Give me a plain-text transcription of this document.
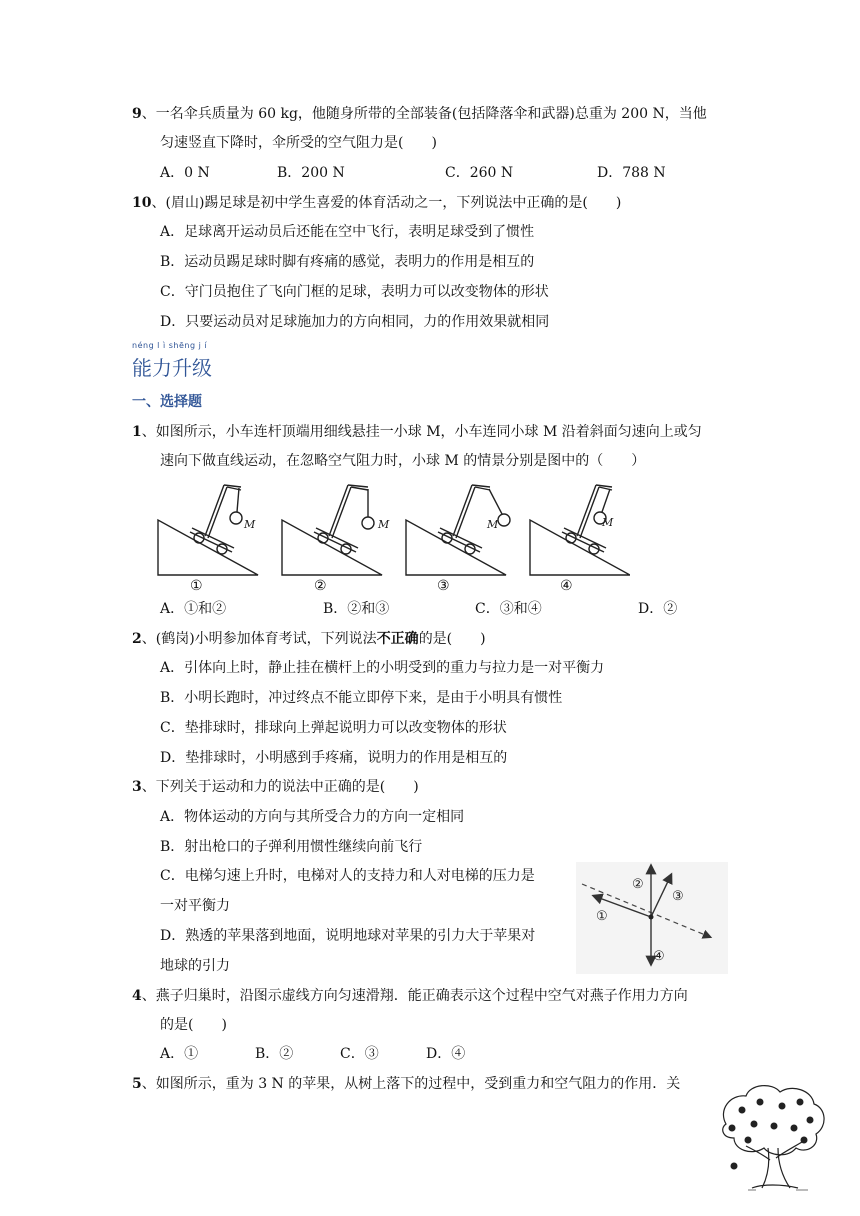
9、一名伞兵质量为 60 kg，他随身所带的全部装备(包括降落伞和武器)总重为 200 N，当他
匀速竖直下降时，伞所受的空气阻力是(　　)
A．0 N	B．200 N	C．260 N	D．788 N
10、(眉山)踢足球是初中学生喜爱的体育活动之一，下列说法中正确的是(　　)
A．足球离开运动员后还能在空中飞行，表明足球受到了惯性
B．运动员踢足球时脚有疼痛的感觉，表明力的作用是相互的
C．守门员抱住了飞向门框的足球，表明力可以改变物体的形状
D．只要运动员对足球施加力的方向相同，力的作用效果就相同
néng l ì shēng j í
能力升级
一、选择题
1、如图所示，小车连杆顶端用细线悬挂一小球 M，小车连同小球 M 沿着斜面匀速向上或匀
速向下做直线运动，在忽略空气阻力时，小球 M 的情景分别是图中的（　　）
M	M	M	M
①	②	③	④
A．①和②	B．②和③	C．③和④	D．②
2、(鹤岗)小明参加体育考试，下列说法不正确的是(　　)
A．引体向上时，静止挂在横杆上的小明受到的重力与拉力是一对平衡力
B．小明长跑时，冲过终点不能立即停下来，是由于小明具有惯性
C．垫排球时，排球向上弹起说明力可以改变物体的形状
D．垫排球时，小明感到手疼痛，说明力的作用是相互的
3、下列关于运动和力的说法中正确的是(　　)
A．物体运动的方向与其所受合力的方向一定相同
B．射出枪口的子弹利用惯性继续向前飞行
C．电梯匀速上升时，电梯对人的支持力和人对电梯的压力是
一对平衡力
D．熟透的苹果落到地面，说明地球对苹果的引力大于苹果对
地球的引力
①
②
③
④
4、燕子归巢时，沿图示虚线方向匀速滑翔．能正确表示这个过程中空气对燕子作用力方向
的是(　　)
A．①	B．②	C．③	D．④
5、如图所示，重为 3 N 的苹果，从树上落下的过程中，受到重力和空气阻力的作用．关
